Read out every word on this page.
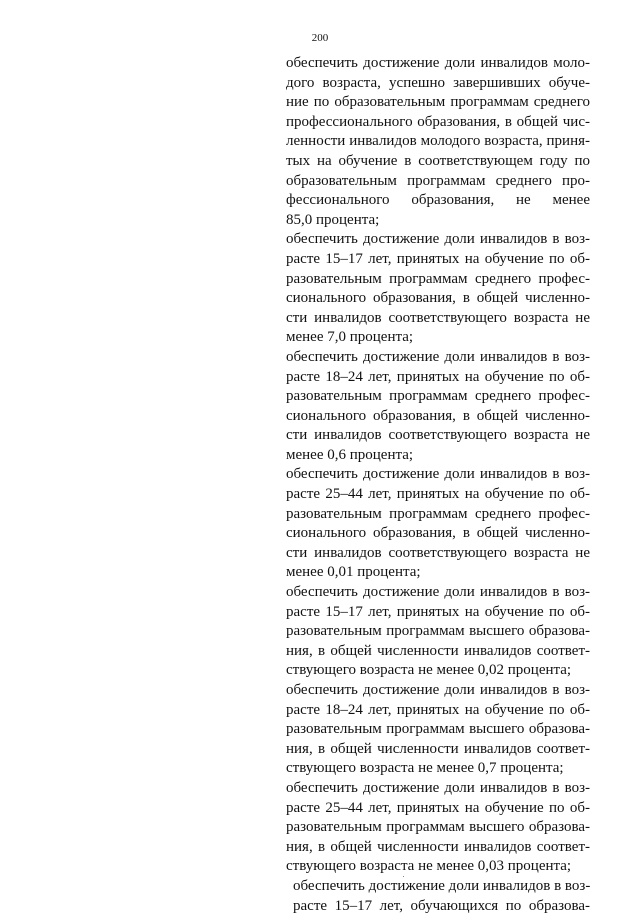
200
обеспечить достижение доли инвалидов моло-
дого возраста, успешно завершивших обуче-
ние по образовательным программам среднего
профессионального образования, в общей чис-
ленности инвалидов молодого возраста, приня-
тых на обучение в соответствующем году по
образовательным программам среднего про-
фессионального образования, не менее
85,0 процента;
обеспечить достижение доли инвалидов в воз-
расте 15–17 лет, принятых на обучение по об-
разовательным программам среднего профес-
сионального образования, в общей численно-
сти инвалидов соответствующего возраста не
менее 7,0 процента;
обеспечить достижение доли инвалидов в воз-
расте 18–24 лет, принятых на обучение по об-
разовательным программам среднего профес-
сионального образования, в общей численно-
сти инвалидов соответствующего возраста не
менее 0,6 процента;
обеспечить достижение доли инвалидов в воз-
расте 25–44 лет, принятых на обучение по об-
разовательным программам среднего профес-
сионального образования, в общей численно-
сти инвалидов соответствующего возраста не
менее 0,01 процента;
обеспечить достижение доли инвалидов в воз-
расте 15–17 лет, принятых на обучение по об-
разовательным программам высшего образова-
ния, в общей численности инвалидов соответ-
ствующего возраста не менее 0,02 процента;
обеспечить достижение доли инвалидов в воз-
расте 18–24 лет, принятых на обучение по об-
разовательным программам высшего образова-
ния, в общей численности инвалидов соответ-
ствующего возраста не менее 0,7 процента;
обеспечить достижение доли инвалидов в воз-
расте 25–44 лет, принятых на обучение по об-
разовательным программам высшего образова-
ния, в общей численности инвалидов соответ-
ствующего возраста не менее 0,03 процента;
обеспечить достижение доли инвалидов в воз-
расте 15–17 лет, обучающихся по образова-
